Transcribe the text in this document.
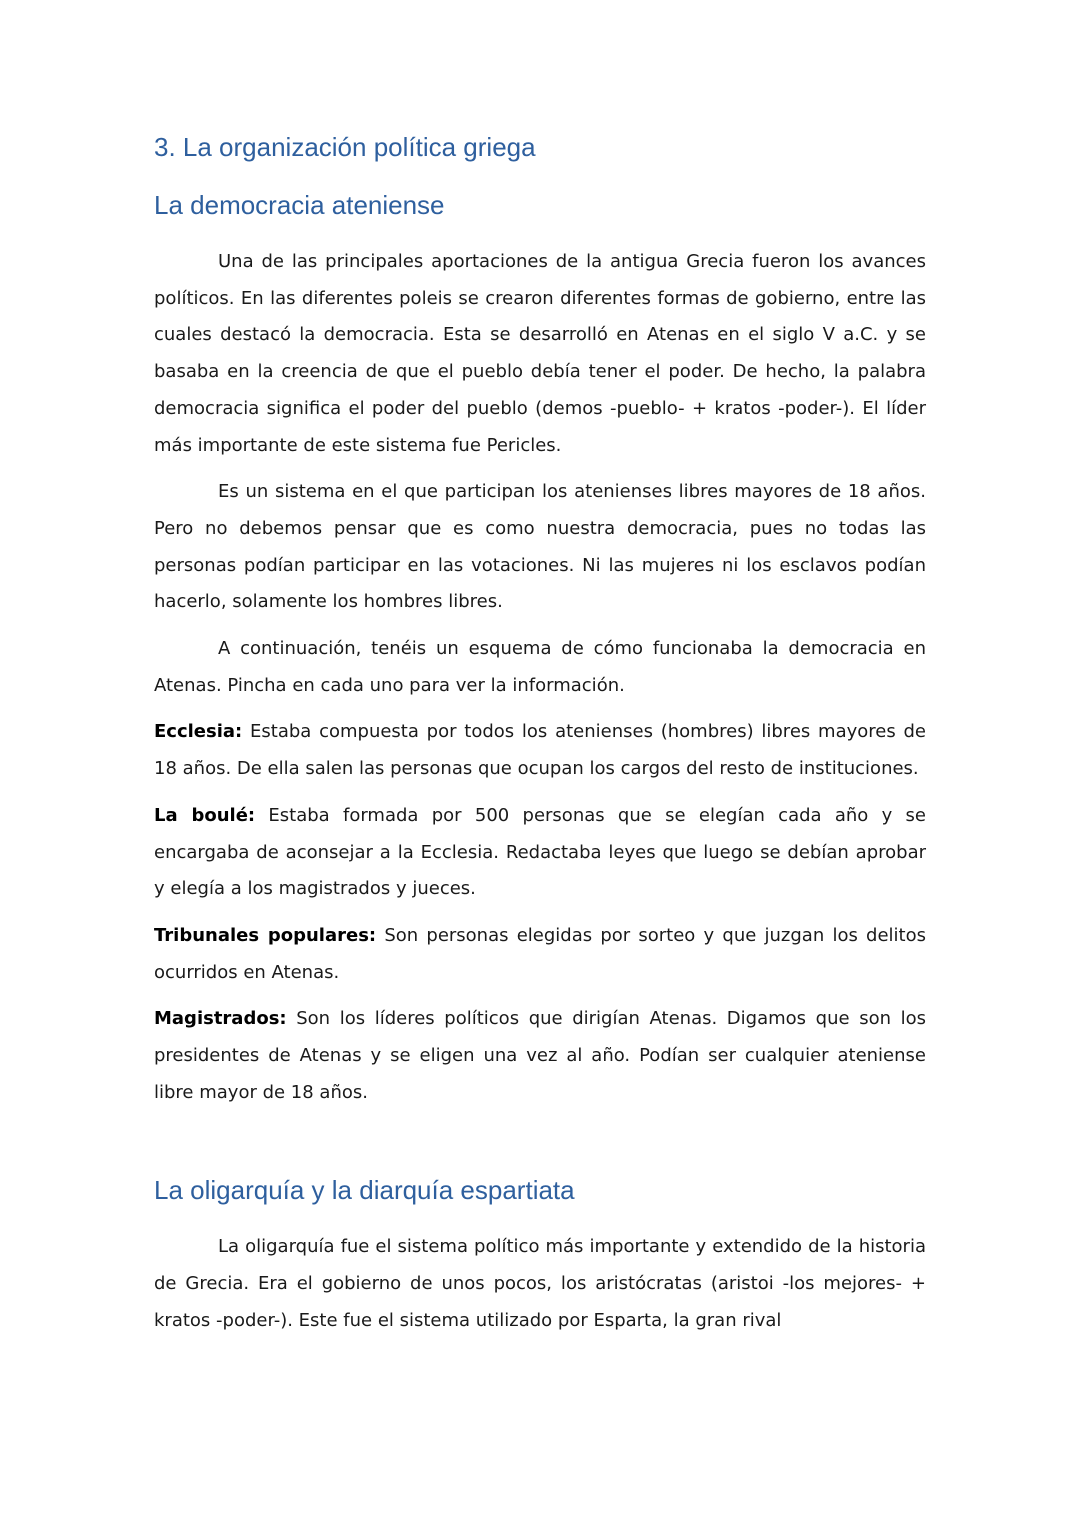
3. La organización política griega
La democracia ateniense

Una de las principales aportaciones de la antigua Grecia fueron los avances políticos. En las diferentes poleis se crearon diferentes formas de gobierno, entre las cuales destacó la democracia. Esta se desarrolló en Atenas en el siglo V a.C. y se basaba en la creencia de que el pueblo debía tener el poder. De hecho, la palabra democracia significa el poder del pueblo (demos -pueblo- + kratos -poder-). El líder más importante de este sistema fue Pericles.

Es un sistema en el que participan los atenienses libres mayores de 18 años. Pero no debemos pensar que es como nuestra democracia, pues no todas las personas podían participar en las votaciones. Ni las mujeres ni los esclavos podían hacerlo, solamente los hombres libres.

A continuación, tenéis un esquema de cómo funcionaba la democracia en Atenas. Pincha en cada uno para ver la información.

Ecclesia: Estaba compuesta por todos los atenienses (hombres) libres mayores de 18 años. De ella salen las personas que ocupan los cargos del resto de instituciones.

La boulé: Estaba formada por 500 personas que se elegían cada año y se encargaba de aconsejar a la Ecclesia. Redactaba leyes que luego se debían aprobar y elegía a los magistrados y jueces.

Tribunales populares: Son personas elegidas por sorteo y que juzgan los delitos ocurridos en Atenas.

Magistrados: Son los líderes políticos que dirigían Atenas. Digamos que son los presidentes de Atenas y se eligen una vez al año. Podían ser cualquier ateniense libre mayor de 18 años.

La oligarquía y la diarquía espartiata

La oligarquía fue el sistema político más importante y extendido de la historia de Grecia. Era el gobierno de unos pocos, los aristócratas (aristoi -los mejores- + kratos -poder-). Este fue el sistema utilizado por Esparta, la gran rival
